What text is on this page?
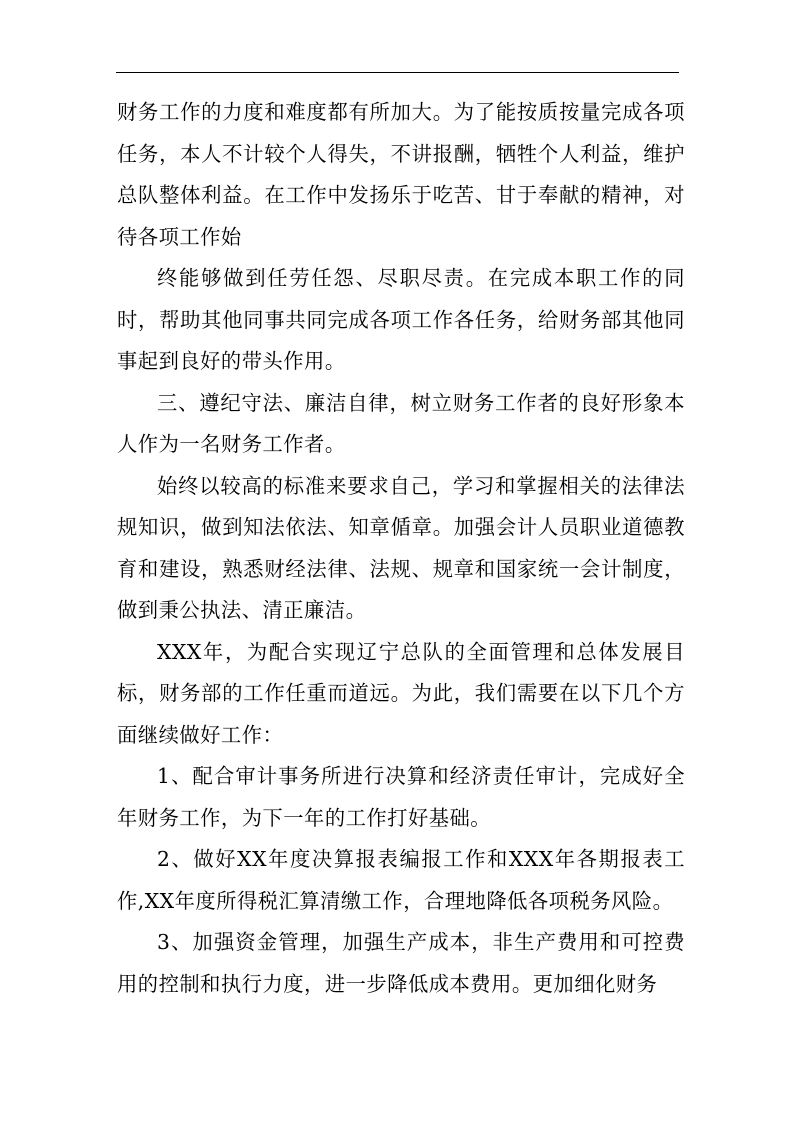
财务工作的力度和难度都有所加大。为了能按质按量完成各项任务，本人不计较个人得失，不讲报酬，牺牲个人利益，维护总队整体利益。在工作中发扬乐于吃苦、甘于奉献的精神，对待各项工作始

终能够做到任劳任怨、尽职尽责。在完成本职工作的同时，帮助其他同事共同完成各项工作各任务，给财务部其他同事起到良好的带头作用。

三、遵纪守法、廉洁自律，树立财务工作者的良好形象本人作为一名财务工作者。

始终以较高的标准来要求自己，学习和掌握相关的法律法规知识，做到知法依法、知章偱章。加强会计人员职业道德教育和建设，熟悉财经法律、法规、规章和国家统一会计制度，做到秉公执法、清正廉洁。

XXX年，为配合实现辽宁总队的全面管理和总体发展目标，财务部的工作任重而道远。为此，我们需要在以下几个方面继续做好工作：

1、配合审计事务所进行决算和经济责任审计，完成好全年财务工作，为下一年的工作打好基础。

2、做好XX年度决算报表编报工作和XXX年各期报表工作,XX年度所得税汇算清缴工作，合理地降低各项税务风险。

3、加强资金管理，加强生产成本，非生产费用和可控费用的控制和执行力度，进一步降低成本费用。更加细化财务
